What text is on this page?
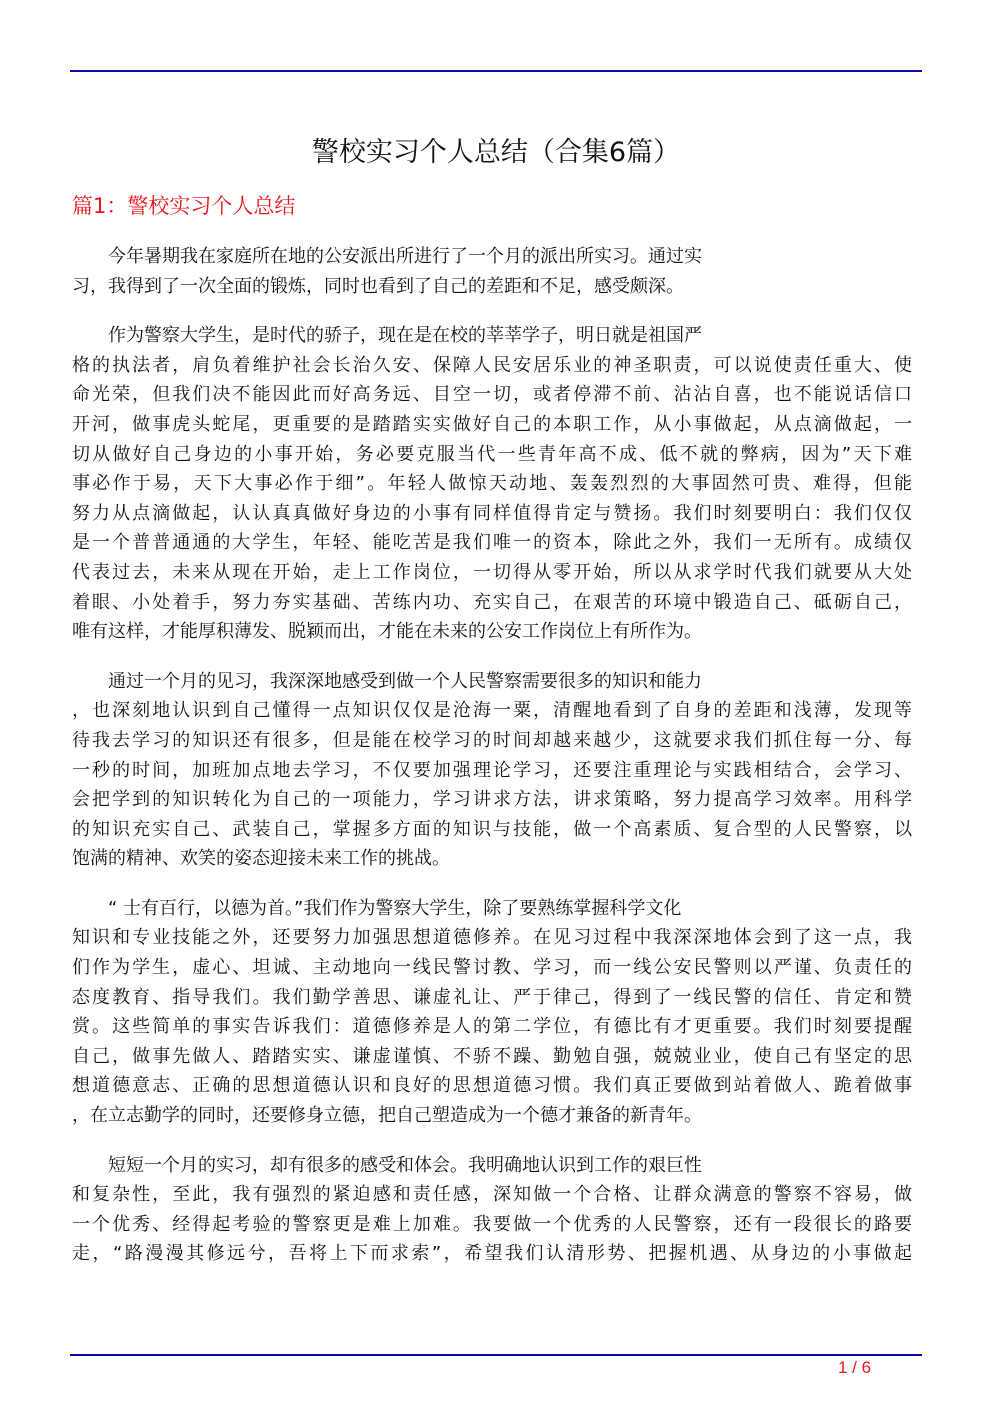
警校实习个人总结（合集6篇）
篇1：警校实习个人总结
今年暑期我在家庭所在地的公安派出所进行了一个月的派出所实习。通过实
习，我得到了一次全面的锻炼，同时也看到了自己的差距和不足，感受颇深。
作为警察大学生，是时代的骄子，现在是在校的莘莘学子，明日就是祖国严
格的执法者，肩负着维护社会长治久安、保障人民安居乐业的神圣职责，可以说使责任重大、使
命光荣，但我们决不能因此而好高务远、目空一切，或者停滞不前、沾沾自喜，也不能说话信口
开河，做事虎头蛇尾，更重要的是踏踏实实做好自己的本职工作，从小事做起，从点滴做起，一
切从做好自己身边的小事开始，务必要克服当代一些青年高不成、低不就的弊病，因为”天下难
事必作于易，天下大事必作于细”。年轻人做惊天动地、轰轰烈烈的大事固然可贵、难得，但能
努力从点滴做起，认认真真做好身边的小事有同样值得肯定与赞扬。我们时刻要明白：我们仅仅
是一个普普通通的大学生，年轻、能吃苦是我们唯一的资本，除此之外，我们一无所有。成绩仅
代表过去，未来从现在开始，走上工作岗位，一切得从零开始，所以从求学时代我们就要从大处
着眼、小处着手，努力夯实基础、苦练内功、充实自己，在艰苦的环境中锻造自己、砥砺自己，
唯有这样，才能厚积薄发、脱颖而出，才能在未来的公安工作岗位上有所作为。
通过一个月的见习，我深深地感受到做一个人民警察需要很多的知识和能力
，也深刻地认识到自己懂得一点知识仅仅是沧海一粟，清醒地看到了自身的差距和浅薄，发现等
待我去学习的知识还有很多，但是能在校学习的时间却越来越少，这就要求我们抓住每一分、每
一秒的时间，加班加点地去学习，不仅要加强理论学习，还要注重理论与实践相结合，会学习、
会把学到的知识转化为自己的一项能力，学习讲求方法，讲求策略，努力提高学习效率。用科学
的知识充实自己、武装自己，掌握多方面的知识与技能，做一个高素质、复合型的人民警察，以
饱满的精神、欢笑的姿态迎接未来工作的挑战。
“ 士有百行，以德为首。”我们作为警察大学生，除了要熟练掌握科学文化
知识和专业技能之外，还要努力加强思想道德修养。在见习过程中我深深地体会到了这一点，我
们作为学生，虚心、坦诚、主动地向一线民警讨教、学习，而一线公安民警则以严谨、负责任的
态度教育、指导我们。我们勤学善思、谦虚礼让、严于律己，得到了一线民警的信任、肯定和赞
赏。这些简单的事实告诉我们：道德修养是人的第二学位，有德比有才更重要。我们时刻要提醒
自己，做事先做人、踏踏实实、谦虚谨慎、不骄不躁、勤勉自强，兢兢业业，使自己有坚定的思
想道德意志、正确的思想道德认识和良好的思想道德习惯。我们真正要做到站着做人、跪着做事
，在立志勤学的同时，还要修身立德，把自己塑造成为一个德才兼备的新青年。
短短一个月的实习，却有很多的感受和体会。我明确地认识到工作的艰巨性
和复杂性，至此，我有强烈的紧迫感和责任感，深知做一个合格、让群众满意的警察不容易，做
一个优秀、经得起考验的警察更是难上加难。我要做一个优秀的人民警察，还有一段很长的路要
走，“路漫漫其修远兮，吾将上下而求索”，希望我们认清形势、把握机遇、从身边的小事做起
1 / 6
